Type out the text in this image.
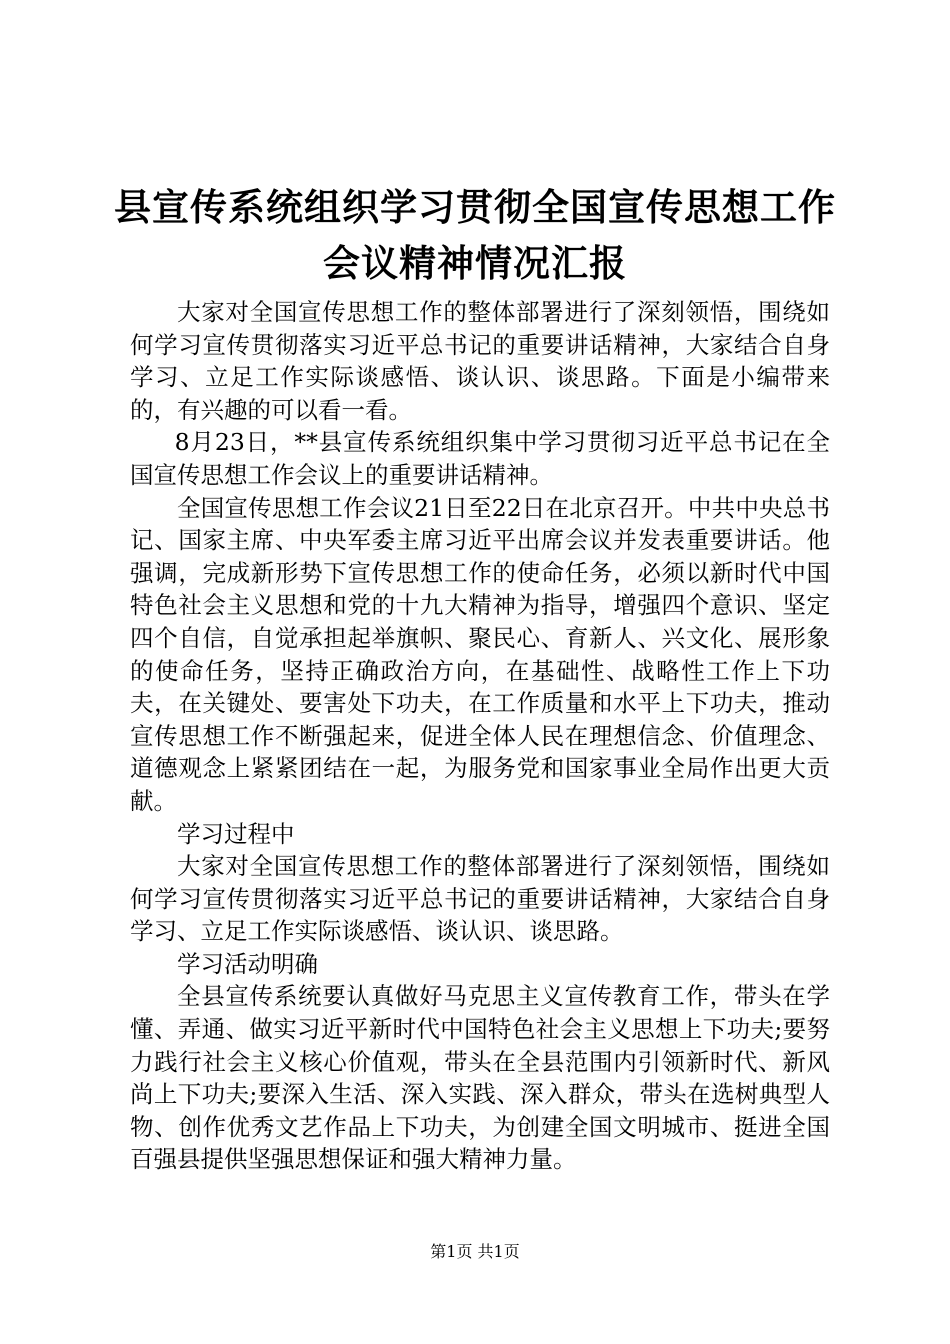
县宣传系统组织学习贯彻全国宣传思想工作会议精神情况汇报

大家对全国宣传思想工作的整体部署进行了深刻领悟，围绕如何学习宣传贯彻落实习近平总书记的重要讲话精神，大家结合自身学习、立足工作实际谈感悟、谈认识、谈思路。下面是小编带来的，有兴趣的可以看一看。

8月23日，**县宣传系统组织集中学习贯彻习近平总书记在全国宣传思想工作会议上的重要讲话精神。

全国宣传思想工作会议21日至22日在北京召开。中共中央总书记、国家主席、中央军委主席习近平出席会议并发表重要讲话。他强调，完成新形势下宣传思想工作的使命任务，必须以新时代中国特色社会主义思想和党的十九大精神为指导，增强四个意识、坚定四个自信，自觉承担起举旗帜、聚民心、育新人、兴文化、展形象的使命任务，坚持正确政治方向，在基础性、战略性工作上下功夫，在关键处、要害处下功夫，在工作质量和水平上下功夫，推动宣传思想工作不断强起来，促进全体人民在理想信念、价值理念、道德观念上紧紧团结在一起，为服务党和国家事业全局作出更大贡献。

学习过程中

大家对全国宣传思想工作的整体部署进行了深刻领悟，围绕如何学习宣传贯彻落实习近平总书记的重要讲话精神，大家结合自身学习、立足工作实际谈感悟、谈认识、谈思路。

学习活动明确

全县宣传系统要认真做好马克思主义宣传教育工作，带头在学懂、弄通、做实习近平新时代中国特色社会主义思想上下功夫;要努力践行社会主义核心价值观，带头在全县范围内引领新时代、新风尚上下功夫;要深入生活、深入实践、深入群众，带头在选树典型人物、创作优秀文艺作品上下功夫，为创建全国文明城市、挺进全国百强县提供坚强思想保证和强大精神力量。

第1页 共1页
